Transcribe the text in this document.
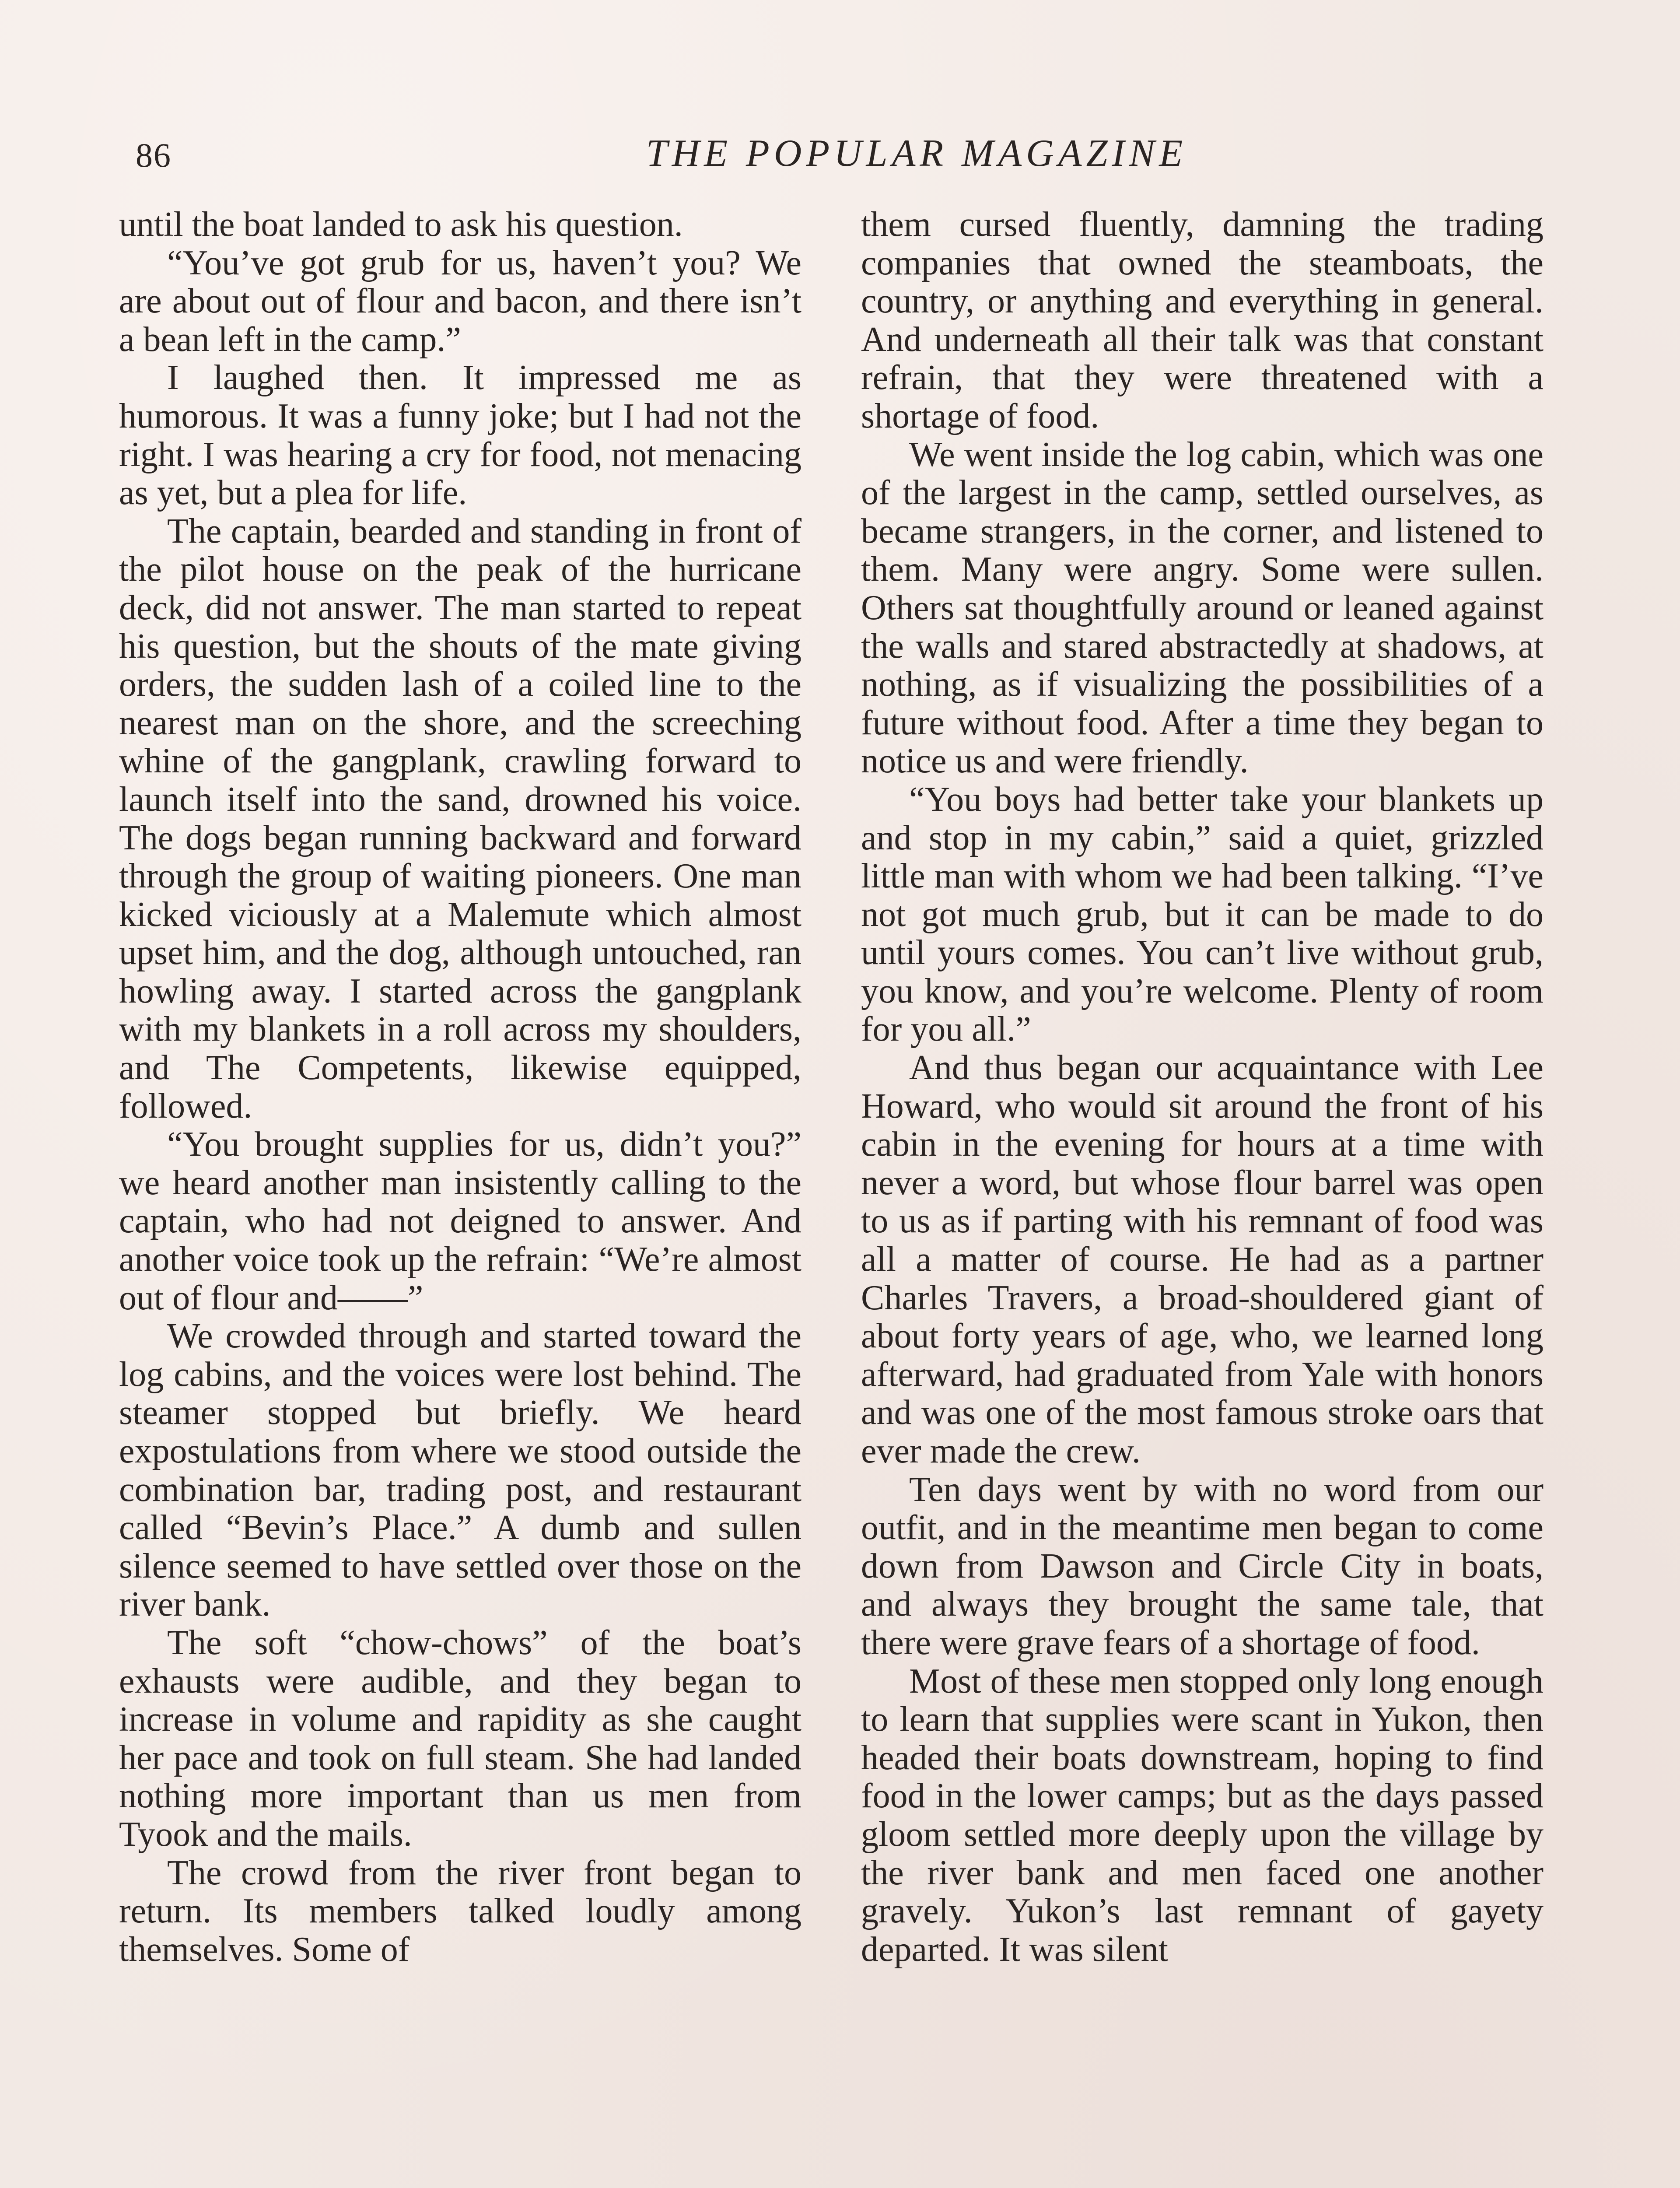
86	THE POPULAR MAGAZINE

until the boat landed to ask his question.

“You’ve got grub for us, haven’t you? We are about out of flour and bacon, and there isn’t a bean left in the camp.”

I laughed then. It impressed me as humorous. It was a funny joke; but I had not the right. I was hearing a cry for food, not menacing as yet, but a plea for life.

The captain, bearded and standing in front of the pilot house on the peak of the hurricane deck, did not answer. The man started to repeat his question, but the shouts of the mate giving orders, the sudden lash of a coiled line to the nearest man on the shore, and the screeching whine of the gangplank, crawling forward to launch itself into the sand, drowned his voice. The dogs began running backward and forward through the group of waiting pioneers. One man kicked viciously at a Malemute which almost upset him, and the dog, although untouched, ran howling away. I started across the gangplank with my blankets in a roll across my shoulders, and The Competents, likewise equipped, followed.

“You brought supplies for us, didn’t you?” we heard another man insistently calling to the captain, who had not deigned to answer. And another voice took up the refrain: “We’re almost out of flour and——”

We crowded through and started toward the log cabins, and the voices were lost behind. The steamer stopped but briefly. We heard expostulations from where we stood outside the combination bar, trading post, and restaurant called “Bevin’s Place.” A dumb and sullen silence seemed to have settled over those on the river bank.

The soft “chow-chows” of the boat’s exhausts were audible, and they began to increase in volume and rapidity as she caught her pace and took on full steam. She had landed nothing more important than us men from Tyook and the mails.

The crowd from the river front began to return. Its members talked loudly among themselves. Some of

them cursed fluently, damning the trading companies that owned the steamboats, the country, or anything and everything in general. And underneath all their talk was that constant refrain, that they were threatened with a shortage of food.

We went inside the log cabin, which was one of the largest in the camp, settled ourselves, as became strangers, in the corner, and listened to them. Many were angry. Some were sullen. Others sat thoughtfully around or leaned against the walls and stared abstractedly at shadows, at nothing, as if visualizing the possibilities of a future without food. After a time they began to notice us and were friendly.

“You boys had better take your blankets up and stop in my cabin,” said a quiet, grizzled little man with whom we had been talking. “I’ve not got much grub, but it can be made to do until yours comes. You can’t live without grub, you know, and you’re welcome. Plenty of room for you all.”

And thus began our acquaintance with Lee Howard, who would sit around the front of his cabin in the evening for hours at a time with never a word, but whose flour barrel was open to us as if parting with his remnant of food was all a matter of course. He had as a partner Charles Travers, a broad-shouldered giant of about forty years of age, who, we learned long afterward, had graduated from Yale with honors and was one of the most famous stroke oars that ever made the crew.

Ten days went by with no word from our outfit, and in the meantime men began to come down from Dawson and Circle City in boats, and always they brought the same tale, that there were grave fears of a shortage of food.

Most of these men stopped only long enough to learn that supplies were scant in Yukon, then headed their boats downstream, hoping to find food in the lower camps; but as the days passed gloom settled more deeply upon the village by the river bank and men faced one another gravely. Yukon’s last remnant of gayety departed. It was silent
